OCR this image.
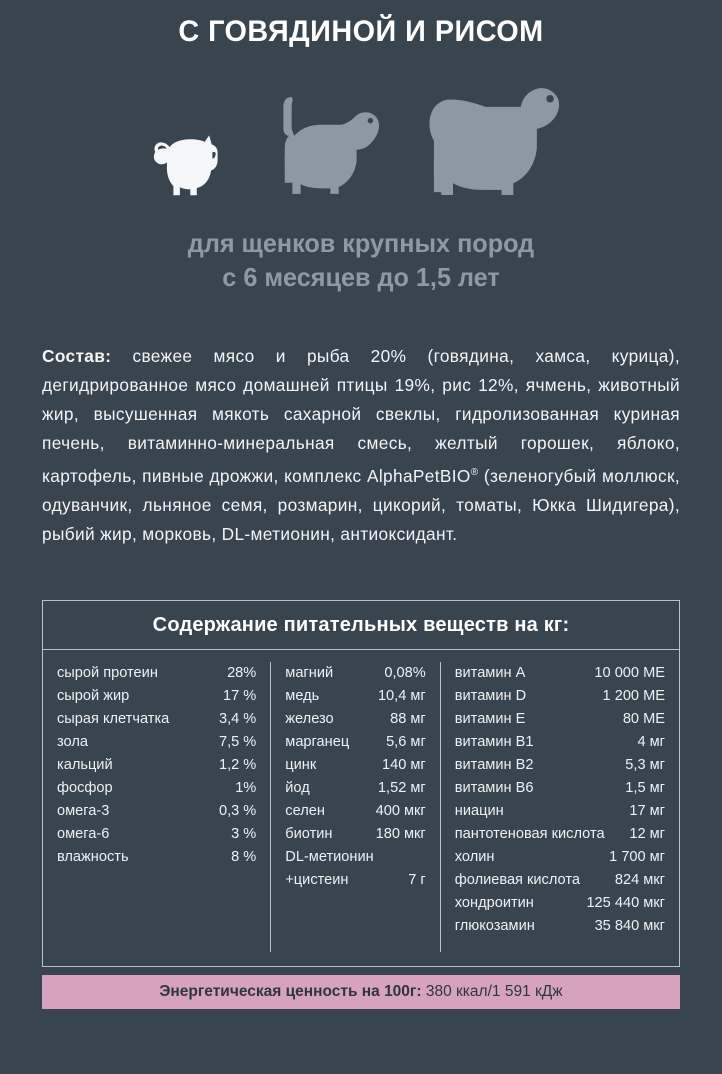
С ГОВЯДИНОЙ И РИСОМ
для щенков крупных пород
с 6 месяцев до 1,5 лет
Состав: свежее мясо и рыба 20% (говядина, хамса, курица), дегидрированное мясо домашней птицы 19%, рис 12%, ячмень, животный жир, высушенная мякоть сахарной свеклы, гидролизованная куриная печень, витаминно-минеральная смесь, желтый горошек, яблоко, картофель, пивные дрожжи, комплекс AlphaPetBIO® (зеленогубый моллюск, одуванчик, льняное семя, розмарин, цикорий, томаты, Юкка Шидигера), рыбий жир, морковь, DL-метионин, антиоксидант.
Содержание питательных веществ на кг:
сырой протеин	28%
сырой жир	17 %
сырая клетчатка	3,4 %
зола	7,5 %
кальций	1,2 %
фосфор	1%
омега-3	0,3 %
омега-6	3 %
влажность	8 %
магний	0,08%
медь	10,4 мг
железо	88 мг
марганец	5,6 мг
цинк	140 мг
йод	1,52 мг
селен	400 мкг
биотин	180 мкг
DL-метионин
+цистеин	7 г
витамин A	10 000 МЕ
витамин D	1 200 МЕ
витамин E	80 МЕ
витамин B1	4 мг
витамин B2	5,3 мг
витамин B6	1,5 мг
ниацин	17 мг
пантотеновая кислота	12 мг
холин	1 700 мг
фолиевая кислота	824 мкг
хондроитин	125 440 мкг
глюкозамин	35 840 мкг
Энергетическая ценность на 100г: 380 ккал/1 591 кДж
